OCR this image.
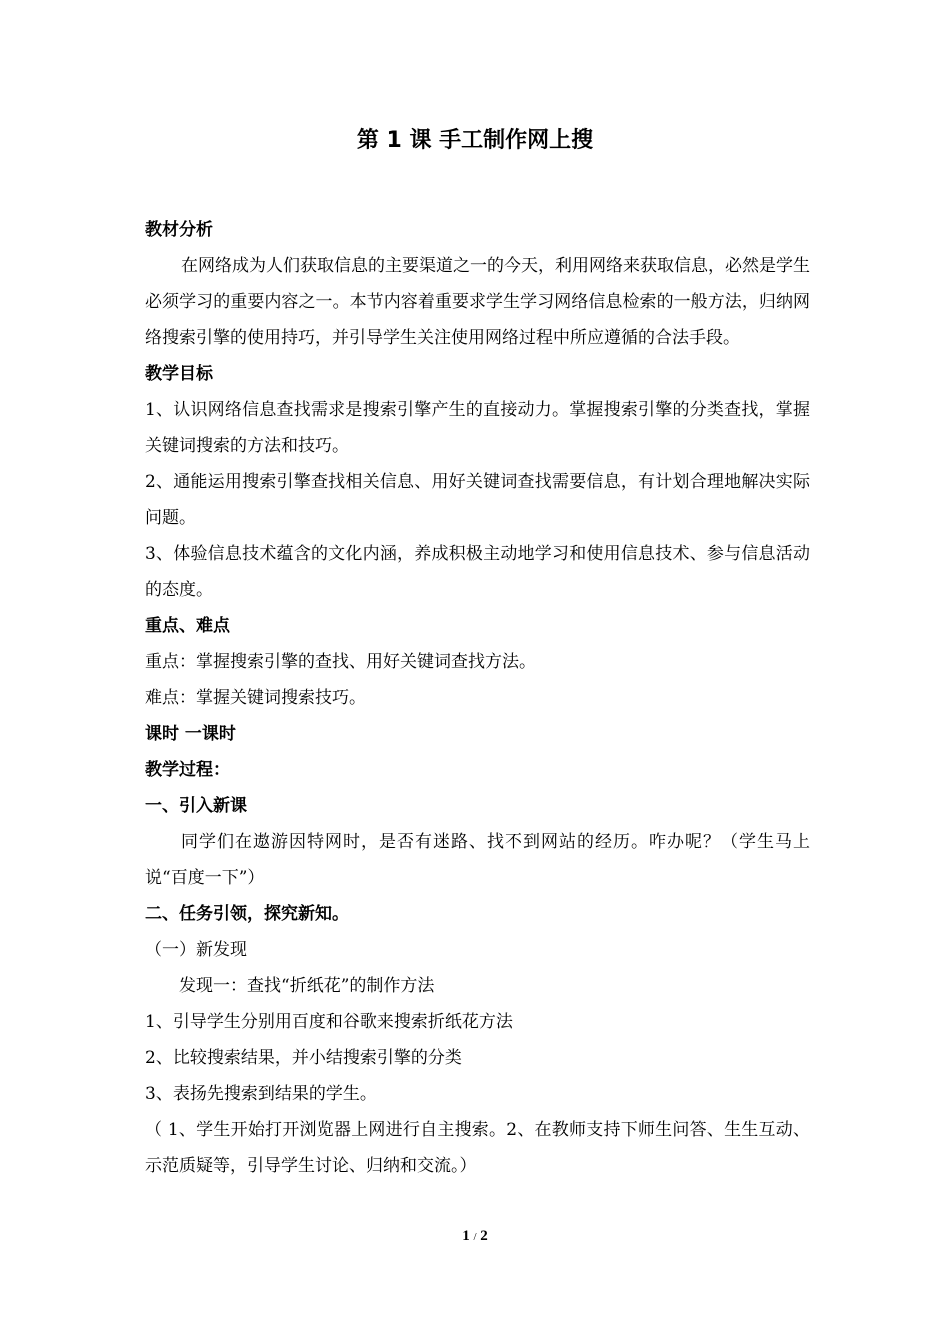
第 1 课 手工制作网上搜

教材分析

在网络成为人们获取信息的主要渠道之一的今天，利用网络来获取信息，必然是学生必须学习的重要内容之一。本节内容着重要求学生学习网络信息检索的一般方法，归纳网络搜索引擎的使用持巧，并引导学生关注使用网络过程中所应遵循的合法手段。

教学目标

1、认识网络信息查找需求是搜索引擎产生的直接动力。掌握搜索引擎的分类查找，掌握关键词搜索的方法和技巧。

2、通能运用搜索引擎查找相关信息、用好关键词查找需要信息，有计划合理地解决实际问题。

3、体验信息技术蕴含的文化内涵，养成积极主动地学习和使用信息技术、参与信息活动的态度。

重点、难点

重点：掌握搜索引擎的查找、用好关键词查找方法。

难点：掌握关键词搜索技巧。

课时 一课时

教学过程：

一、引入新课

同学们在遨游因特网时，是否有迷路、找不到网站的经历。咋办呢？（学生马上说“百度一下”）

二、任务引领，探究新知。

（一）新发现

发现一：查找“折纸花”的制作方法

1、引导学生分别用百度和谷歌来搜索折纸花方法

2、比较搜索结果，并小结搜索引擎的分类

3、表扬先搜索到结果的学生。

（ 1、学生开始打开浏览器上网进行自主搜索。2、在教师支持下师生问答、生生互动、示范质疑等，引导学生讨论、归纳和交流。）

1 / 2
